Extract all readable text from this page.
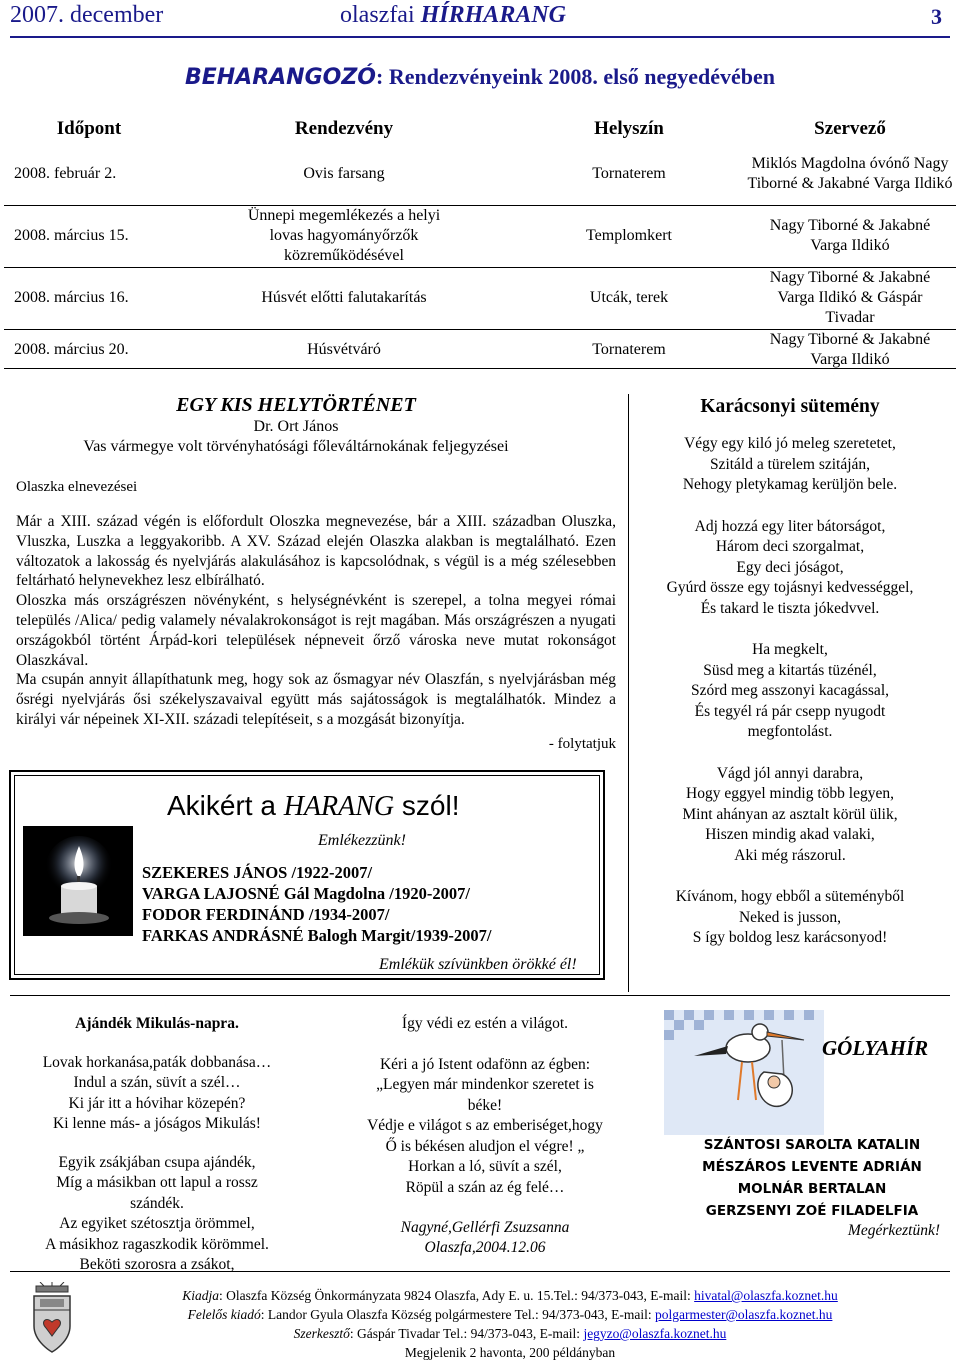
2007. december	olaszfai HÍRHARANG	3
BEHARANGOZÓ: Rendezvényeink 2008. első negyedévében
Időpont	Rendezvény	Helyszín	Szervező
2008. február 2.	Ovis farsang	Tornaterem	Miklós Magdolna óvónő Nagy Tiborné & Jakabné Varga Ildikó
2008. március 15.	Ünnepi megemlékezés a helyi lovas hagyományőrzők közreműködésével	Templomkert	Nagy Tiborné & Jakabné Varga Ildikó
2008. március 16.	Húsvét előtti falutakarítás	Utcák, terek	Nagy Tiborné & Jakabné Varga Ildikó & Gáspár Tivadar
2008. március 20.	Húsvétváró	Tornaterem	Nagy Tiborné & Jakabné Varga Ildikó
EGY KIS HELYTÖRTÉNET
Dr. Ort János
Vas vármegye volt törvényhatósági főleváltárnokának feljegyzései
Olaszka elnevezései
Már a XIII. század végén is előfordult Oloszka megnevezése, bár a XIII. században Oluszka, Vluszka, Luszka a leggyakoribb. A XV. Század elején Olaszka alakban is megtalálható. Ezen változatok a lakosság és nyelvjárás alakulásához is kapcsolódnak, s végül is a még szélesebben feltárható helynevekhez lesz elbírálható.
Oloszka más országrészen növényként, s helységnévként is szerepel, a tolna megyei római település /Alica/ pedig valamely névalakrokonságot is rejt magában. Más országrészen a nyugati országokból történt Árpád-kori települések népneveit őrző városka neve mutat rokonságot Olaszkával.
Ma csupán annyit állapíthatunk meg, hogy sok az ősmagyar név Olaszfán, s nyelvjárásban még ősrégi nyelvjárás ősi székelyszavaival együtt más sajátosságok is megtalálhatók. Mindez a királyi vár népeinek XI-XII. századi telepítéseit, s a mozgását bizonyítja.
- folytatjuk
Akikért a HARANG szól!
Emlékezzünk!
SZEKERES JÁNOS /1922-2007/
VARGA LAJOSNÉ Gál Magdolna /1920-2007/
FODOR FERDINÁND /1934-2007/
FARKAS ANDRÁSNÉ Balogh Margit/1939-2007/
Emlékük szívünkben örökké él!
Karácsonyi sütemény
Végy egy kiló jó meleg szeretetet,
Szitáld a türelem szitáján,
Nehogy pletykamag kerüljön bele.
Adj hozzá egy liter bátorságot,
Három deci szorgalmat,
Egy deci jóságot,
Gyúrd össze egy tojásnyi kedvességgel,
És takard le tiszta jókedvvel.
Ha megkelt,
Süsd meg a kitartás tüzénél,
Szórd meg asszonyi kacagással,
És tegyél rá pár csepp nyugodt
megfontolást.
Vágd jól annyi darabra,
Hogy eggyel mindig több legyen,
Mint ahányan az asztalt körül ülik,
Hiszen mindig akad valaki,
Aki még rászorul.
Kívánom, hogy ebből a süteményből
Neked is jusson,
S így boldog lesz karácsonyod!
Ajándék Mikulás-napra.
Lovak horkanása,paták dobbanása…
Indul a szán, süvít a szél…
Ki jár itt a hóvihar közepén?
Ki lenne más- a jóságos Mikulás!
Egyik zsákjában csupa ajándék,
Míg a másikban ott lapul a rossz
szándék.
Az egyiket szétosztja örömmel,
A másikhoz ragaszkodik körömmel.
Beköti szorosra a zsákot,
Így védi ez estén a világot.
Kéri a jó Istent odafönn az égben:
„Legyen már mindenkor szeretet is
béke!
Védje e világot s az emberiséget,hogy
Ő is békésen aludjon el végre! „
Horkan a ló, süvít a szél,
Röpül a szán az ég felé…
Nagyné,Gellérfi Zsuzsanna
Olaszfa,2004.12.06
GÓLYAHÍR
SZÁNTOSI SAROLTA KATALIN
MÉSZÁROS LEVENTE ADRIÁN
MOLNÁR BERTALAN
GERZSENYI ZOÉ FILADELFIA
Megérkeztünk!
Kiadja: Olaszfa Község Önkormányzata 9824 Olaszfa, Ady E. u. 15.Tel.: 94/373-043, E-mail: hivatal@olaszfa.koznet.hu
Felelős kiadó: Landor Gyula Olaszfa Község polgármestere Tel.: 94/373-043, E-mail: polgarmester@olaszfa.koznet.hu
Szerkesztő: Gáspár Tivadar Tel.: 94/373-043, E-mail: jegyzo@olaszfa.koznet.hu
Megjelenik 2 havonta, 200 példányban
